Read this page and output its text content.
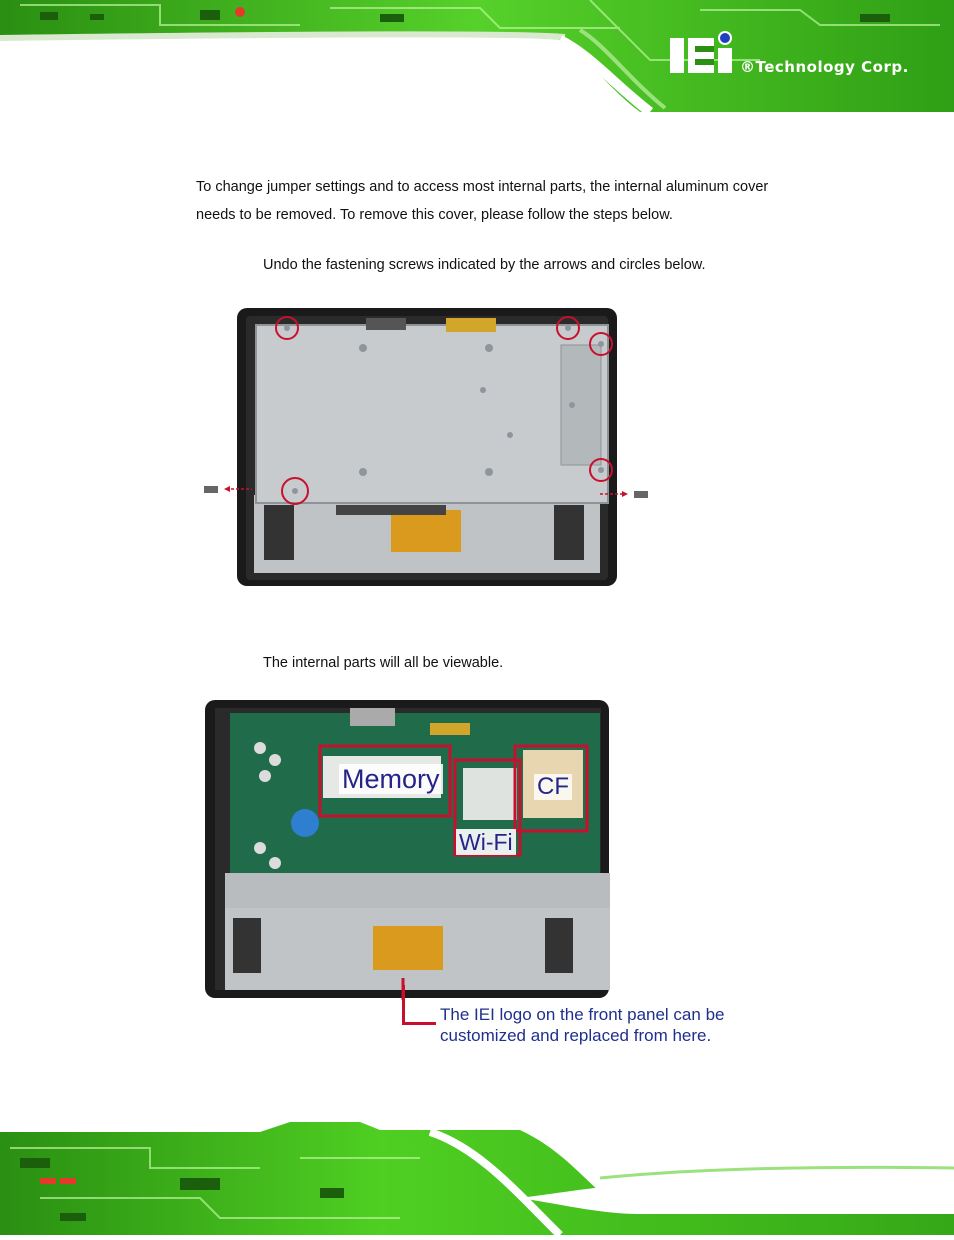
®Technology Corp.
To change jumper settings and to access most internal parts, the internal aluminum cover
needs to be removed. To remove this cover, please follow the steps below.
Undo the fastening screws indicated by the arrows and circles below.
The internal parts will all be viewable.
Memory	CF
Wi-Fi
The IEI logo on the front panel can be
customized and replaced from here.
